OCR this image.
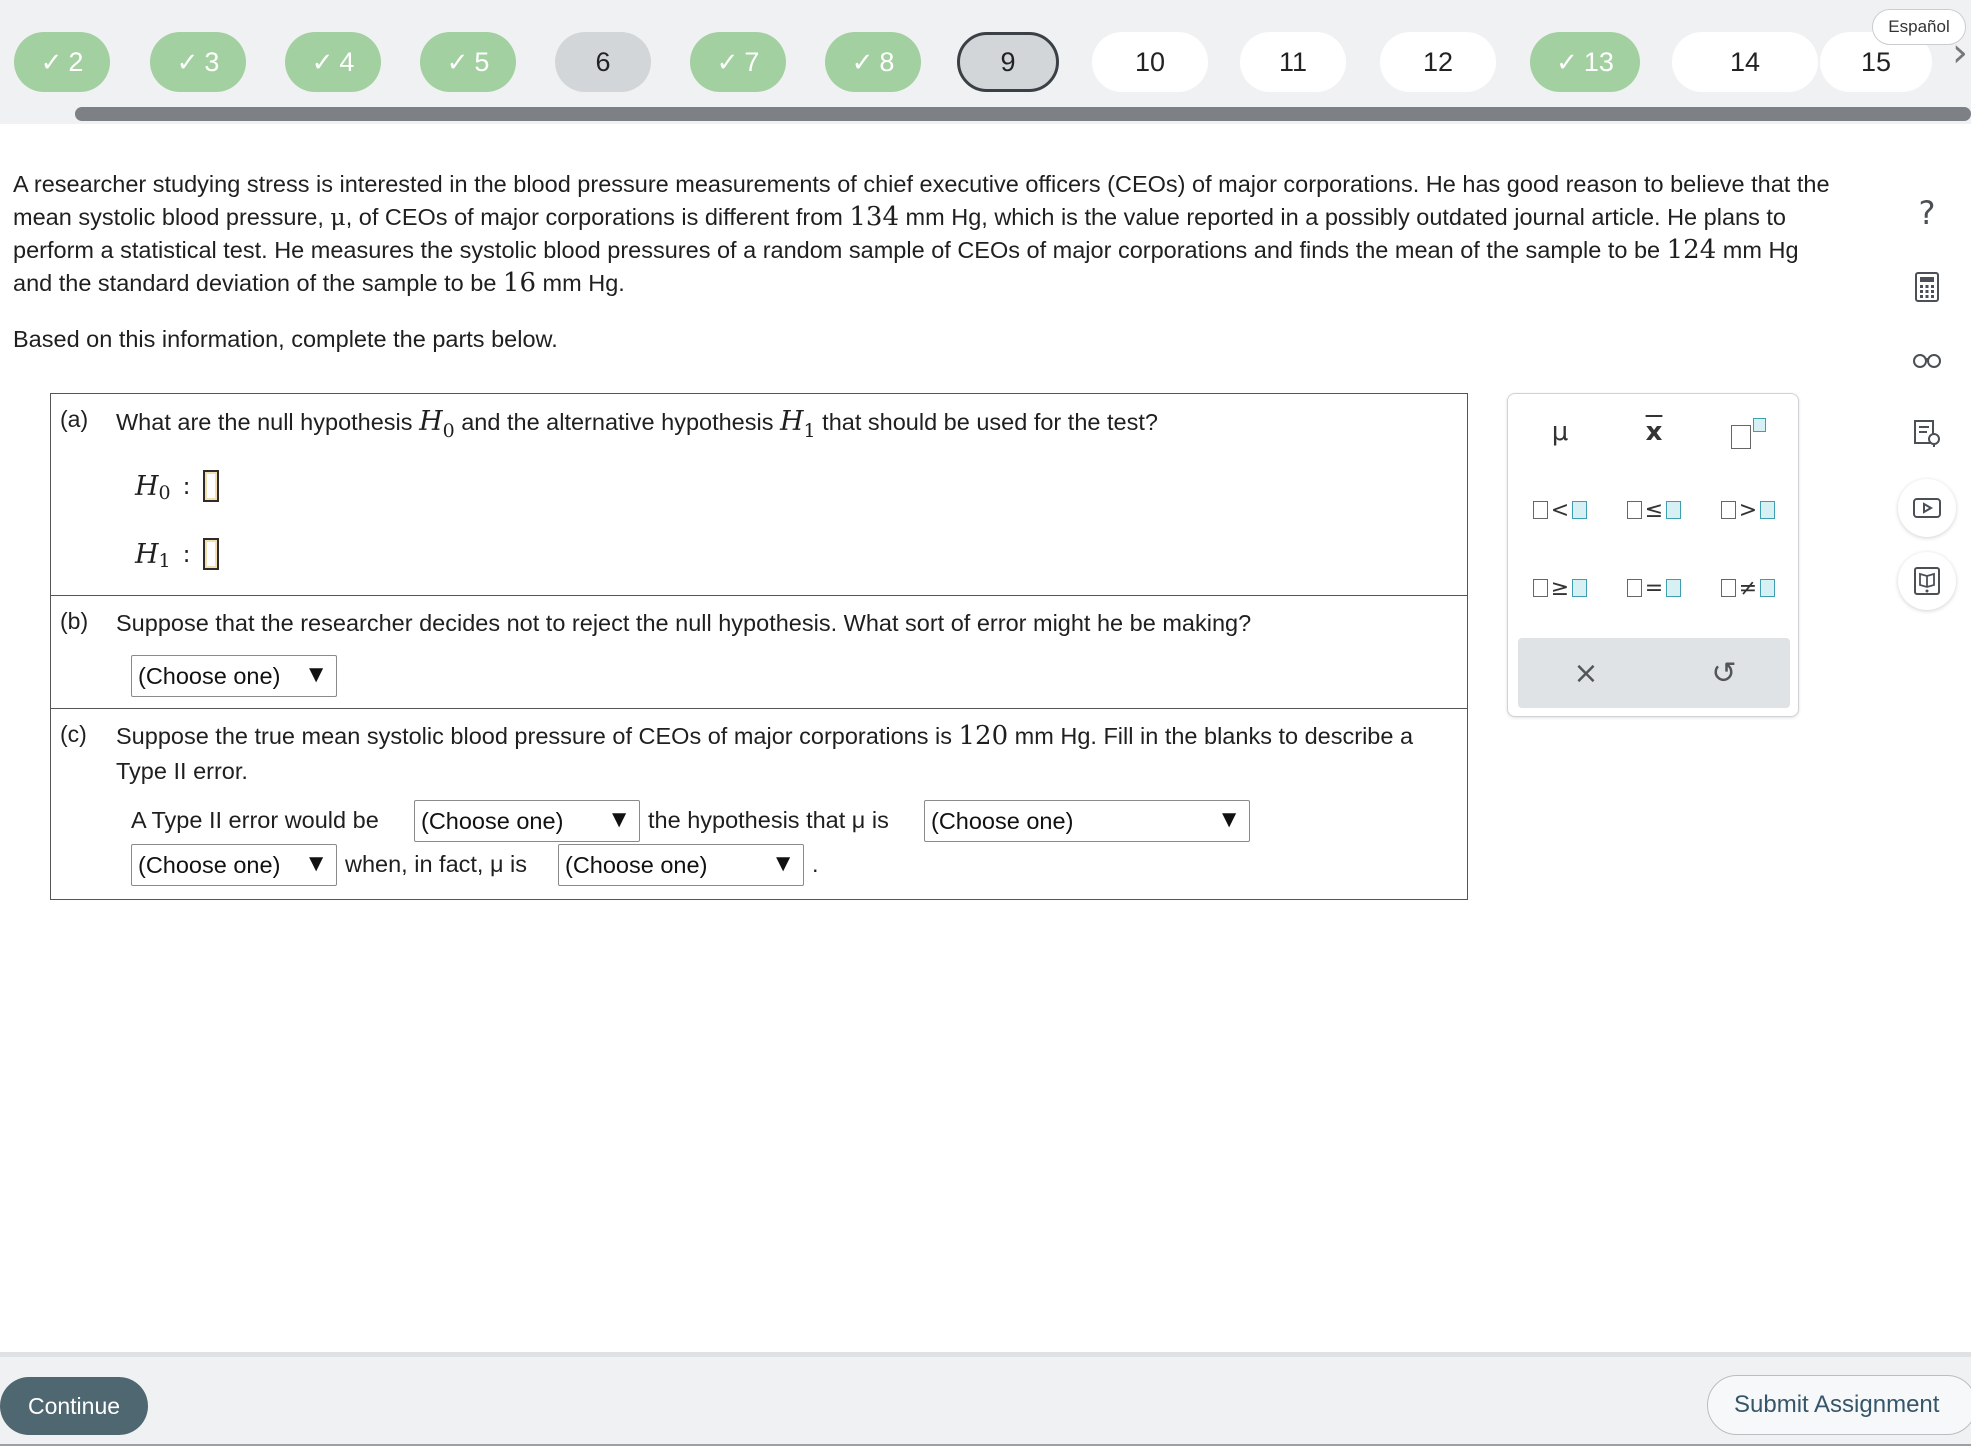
✓ 2	✓ 3	✓ 4	✓ 5	6	✓ 7	✓ 8	9	10	11	12	✓ 13	14	15
Español
›
A researcher studying stress is interested in the blood pressure measurements of chief executive officers (CEOs) of major corporations. He has good reason to believe that the mean systolic blood pressure, μ, of CEOs of major corporations is different from 134 mm Hg, which is the value reported in a possibly outdated journal article. He plans to perform a statistical test. He measures the systolic blood pressures of a random sample of CEOs of major corporations and finds the mean of the sample to be 124 mm Hg and the standard deviation of the sample to be 16 mm Hg.
Based on this information, complete the parts below.
(a) What are the null hypothesis $H_0$ and the alternative hypothesis $H_1$ that should be used for the test?
H 0 :
H 1 :
(b) Suppose that the researcher decides not to reject the null hypothesis. What sort of error might he be making?
(Choose one) ▼
(c) Suppose the true mean systolic blood pressure of CEOs of major corporations is 120 mm Hg. Fill in the blanks to describe a Type II error.
A Type II error would be (Choose one) ▼ the hypothesis that μ is (Choose one)	▼
(Choose one) ▼ when, in fact, μ is (Choose one)	▼ .
μ	$\overline{x}$
<	≤	>
≥	=	≠
×	↺
?
Continue	Submit Assignment
